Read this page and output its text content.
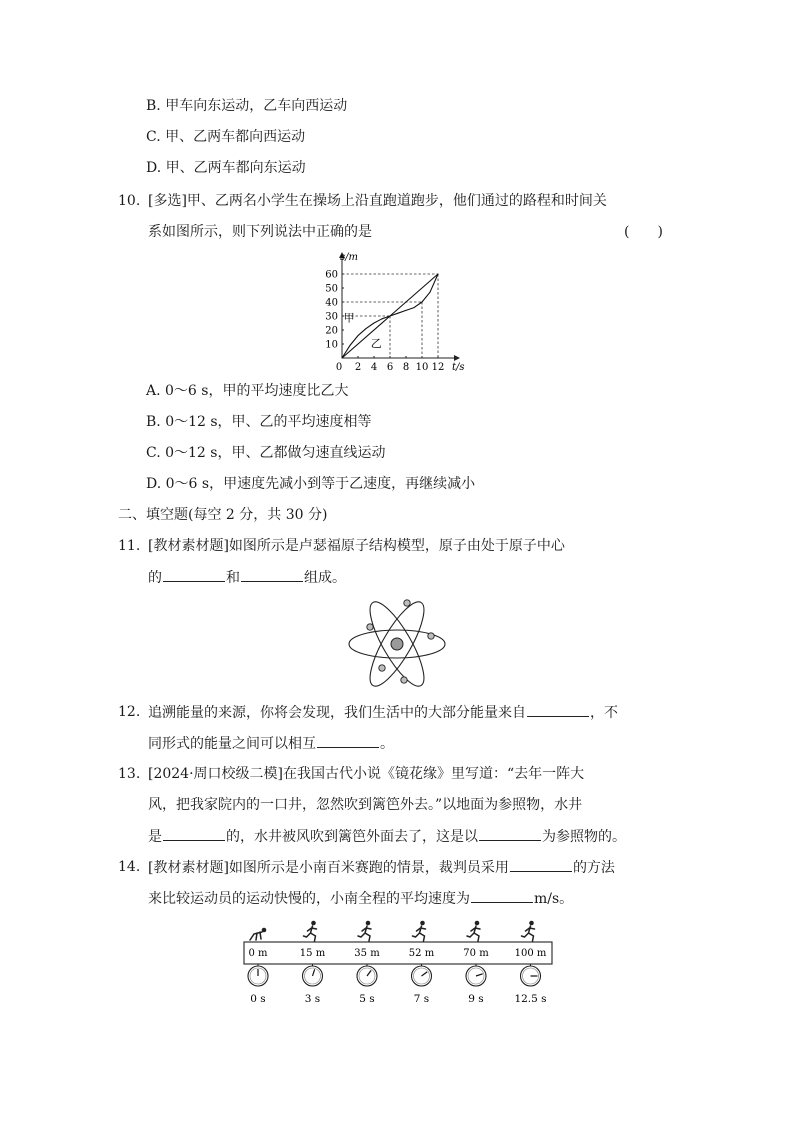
B. 甲车向东运动，乙车向西运动
C. 甲、乙两车都向西运动
D. 甲、乙两车都向东运动
10. [多选]甲、乙两名小学生在操场上沿直跑道跑步，他们通过的路程和时间关
系如图所示，则下列说法中正确的是	(　　)
0 2 4 6 8 10 12
10
20
30
40
50
60
s/m
t/s
甲
乙
A. 0～6 s，甲的平均速度比乙大
B. 0～12 s，甲、乙的平均速度相等
C. 0～12 s，甲、乙都做匀速直线运动
D. 0～6 s，甲速度先减小到等于乙速度，再继续减小
二、填空题(每空 2 分，共 30 分)
11. [教材素材题]如图所示是卢瑟福原子结构模型，原子由处于原子中心
的	和	组成。
12. 追溯能量的来源，你将会发现，我们生活中的大部分能量来自	，不
同形式的能量之间可以相互	。
13. [2024·周口校级二模]在我国古代小说《镜花缘》里写道：“去年一阵大
风，把我家院内的一口井，忽然吹到篱笆外去。”以地面为参照物，水井
是	的，水井被风吹到篱笆外面去了，这是以	为参照物的。
14. [教材素材题]如图所示是小南百米赛跑的情景，裁判员采用	的方法
来比较运动员的运动快慢的，小南全程的平均速度为	m/s。
0 m
0 s
15 m
3 s
35 m
5 s
52 m
7 s
70 m
9 s
100 m
12.5 s
